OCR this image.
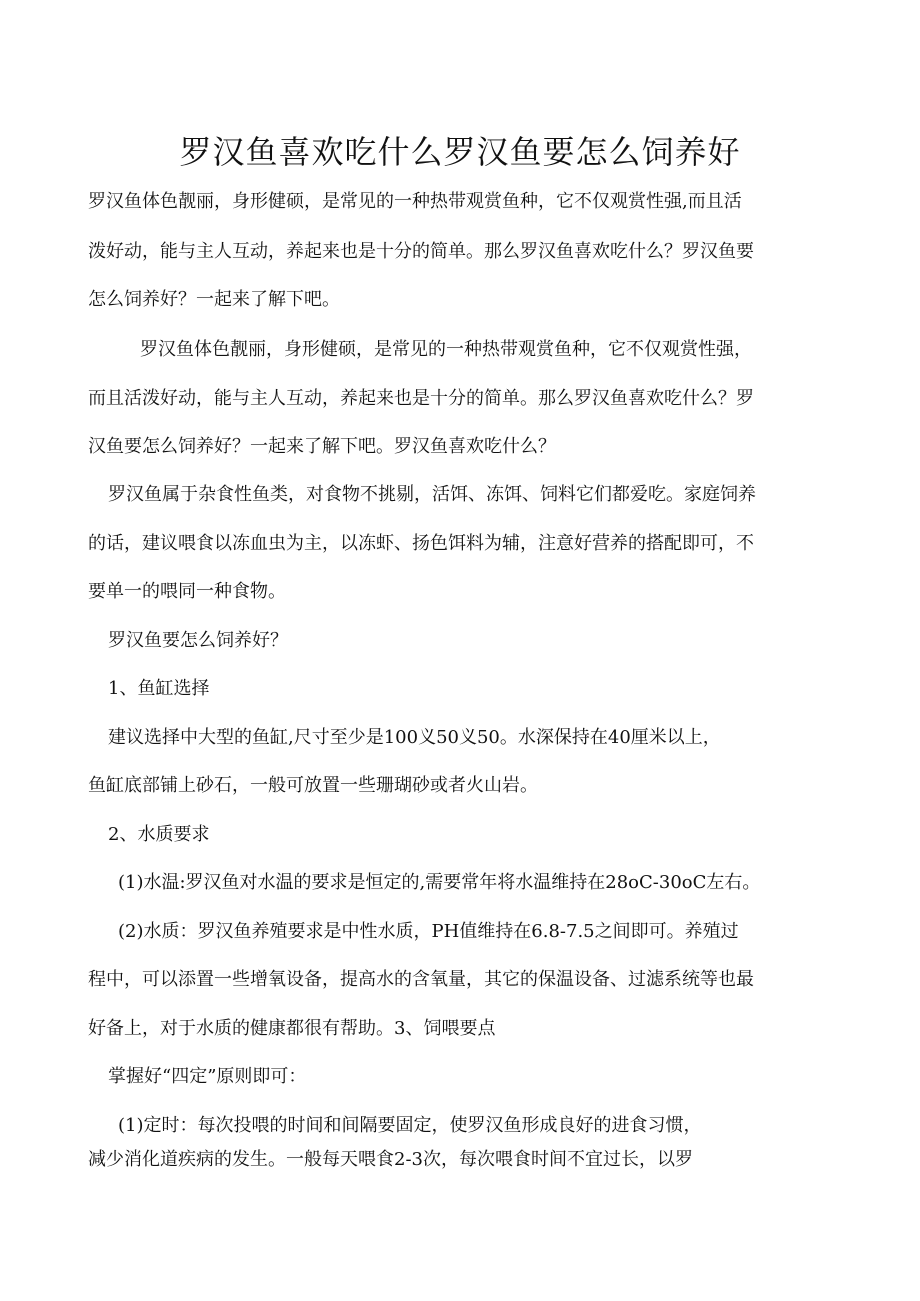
罗汉鱼喜欢吃什么罗汉鱼要怎么饲养好
罗汉鱼体色靓丽，身形健硕，是常见的一种热带观赏鱼种，它不仅观赏性强,而且活
泼好动，能与主人互动，养起来也是十分的简单。那么罗汉鱼喜欢吃什么？罗汉鱼要
怎么饲养好？一起来了解下吧。
罗汉鱼体色靓丽，身形健硕，是常见的一种热带观赏鱼种，它不仅观赏性强，
而且活泼好动，能与主人互动，养起来也是十分的简单。那么罗汉鱼喜欢吃什么？罗
汉鱼要怎么饲养好？一起来了解下吧。罗汉鱼喜欢吃什么？
罗汉鱼属于杂食性鱼类，对食物不挑剔，活饵、冻饵、饲料它们都爱吃。家庭饲养
的话，建议喂食以冻血虫为主，以冻虾、扬色饵料为辅，注意好营养的搭配即可，不
要单一的喂同一种食物。
罗汉鱼要怎么饲养好？
1、鱼缸选择
建议选择中大型的鱼缸,尺寸至少是100义50义50。水深保持在40厘米以上，
鱼缸底部铺上砂石，一般可放置一些珊瑚砂或者火山岩。
2、水质要求
(1)水温:罗汉鱼对水温的要求是恒定的,需要常年将水温维持在28oC-30oC左右。
(2)水质：罗汉鱼养殖要求是中性水质，PH值维持在6.8-7.5之间即可。养殖过
程中，可以添置一些增氧设备，提高水的含氧量，其它的保温设备、过滤系统等也最
好备上，对于水质的健康都很有帮助。3、饲喂要点
掌握好“四定”原则即可：
(1)定时：每次投喂的时间和间隔要固定，使罗汉鱼形成良好的进食习惯，
减少消化道疾病的发生。一般每天喂食2-3次，每次喂食时间不宜过长，以罗
